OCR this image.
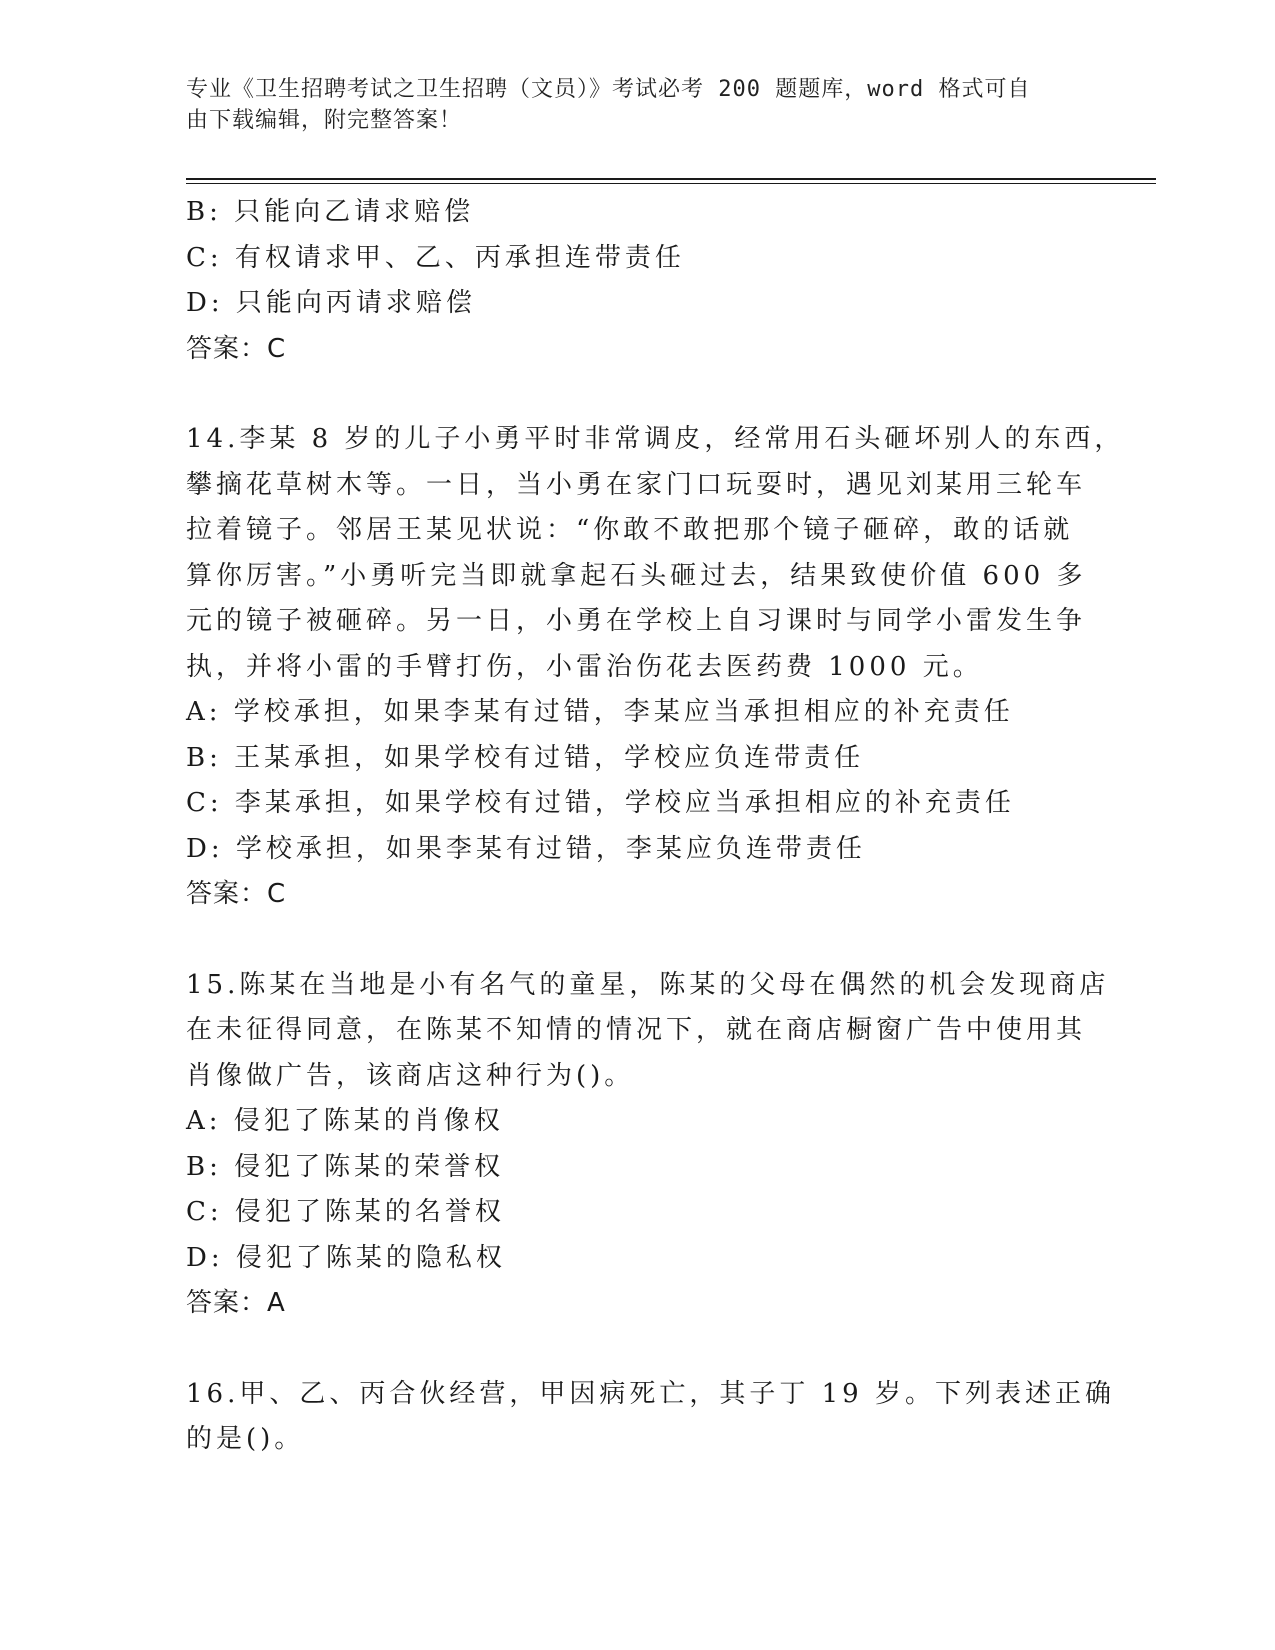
专业《卫生招聘考试之卫生招聘（文员）》考试必考 200 题题库，word 格式可自
由下载编辑，附完整答案！
B: 只能向乙请求赔偿
C: 有权请求甲、乙、丙承担连带责任
D: 只能向丙请求赔偿
答案：C
14.李某 8 岁的儿子小勇平时非常调皮，经常用石头砸坏别人的东西，
攀摘花草树木等。一日，当小勇在家门口玩耍时，遇见刘某用三轮车
拉着镜子。邻居王某见状说：“你敢不敢把那个镜子砸碎，敢的话就
算你厉害。”小勇听完当即就拿起石头砸过去，结果致使价值 600 多
元的镜子被砸碎。另一日，小勇在学校上自习课时与同学小雷发生争
执，并将小雷的手臂打伤，小雷治伤花去医药费 1000 元。
A: 学校承担，如果李某有过错，李某应当承担相应的补充责任
B: 王某承担，如果学校有过错，学校应负连带责任
C: 李某承担，如果学校有过错，学校应当承担相应的补充责任
D: 学校承担，如果李某有过错，李某应负连带责任
答案：C
15.陈某在当地是小有名气的童星，陈某的父母在偶然的机会发现商店
在未征得同意，在陈某不知情的情况下，就在商店橱窗广告中使用其
肖像做广告，该商店这种行为()。
A: 侵犯了陈某的肖像权
B: 侵犯了陈某的荣誉权
C: 侵犯了陈某的名誉权
D: 侵犯了陈某的隐私权
答案：A
16.甲、乙、丙合伙经营，甲因病死亡，其子丁 19 岁。下列表述正确
的是()。
